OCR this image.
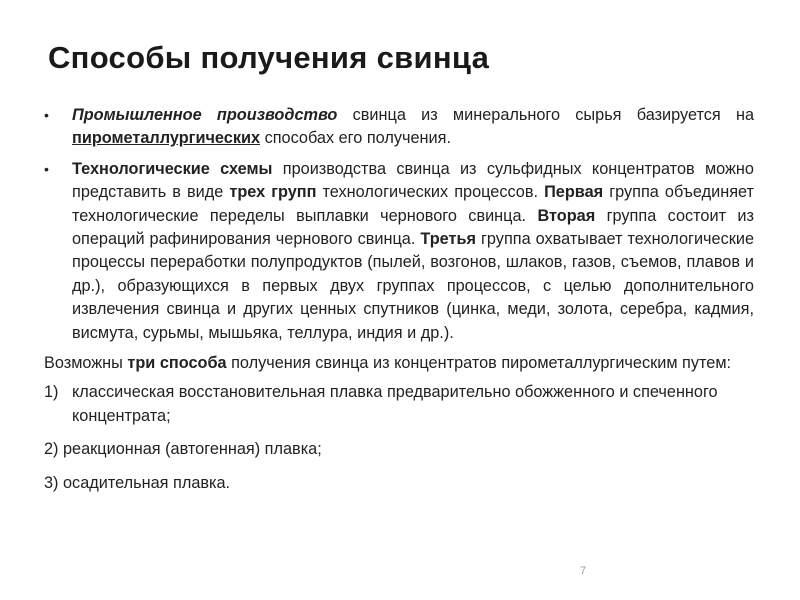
Способы получения свинца
• Промышленное производство свинца из минерального сырья базируется на пирометаллургических способах его получения.
• Технологические схемы производства свинца из сульфидных концентратов можно представить в виде трех групп технологических процессов. Первая группа объединяет технологические переделы выплавки чернового свинца. Вторая группа состоит из операций рафинирования чернового свинца. Третья группа охватывает технологические процессы переработки полупродуктов (пылей, возгонов, шлаков, газов, съемов, плавов и др.), образующихся в первых двух группах процессов, с целью дополнительного извлечения свинца и других ценных спутников (цинка, меди, золота, серебра, кадмия, висмута, сурьмы, мышьяка, теллура, индия и др.).

Возможны три способа получения свинца из концентратов пирометаллургическим путем:

1) классическая восстановительная плавка предварительно обожженного и спеченного концентрата;

2) реакционная (автогенная) плавка;

3) осадительная плавка.

7
